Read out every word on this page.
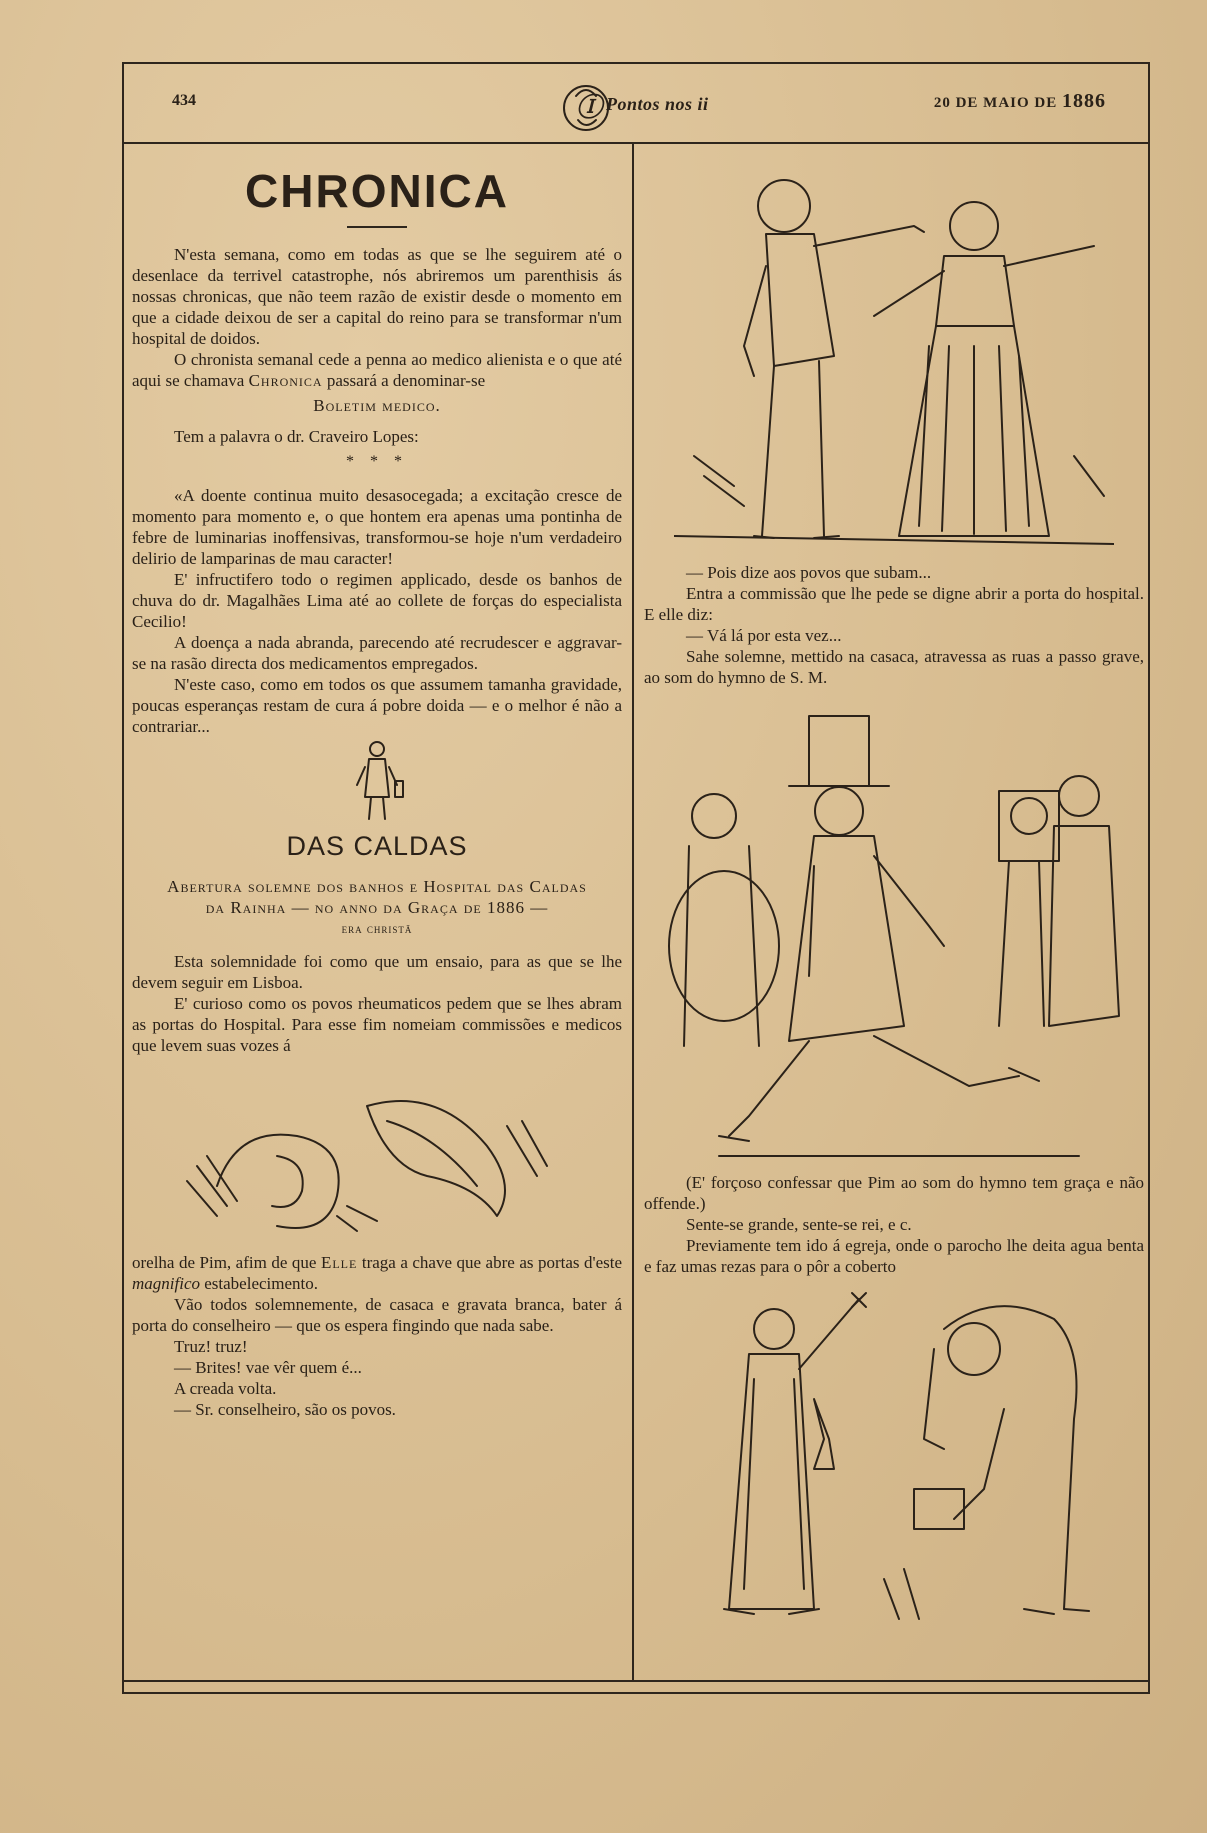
434	Ⓘ Pontos nos ii	20 DE MAIO DE 1886
CHRONICA

N'esta semana, como em todas as que se lhe seguirem até o desenlace da terrivel catastrophe, nós abriremos um parenthisis ás nossas chronicas, que não teem razão de existir desde o momento em que a cidade deixou de ser a capital do reino para se transformar n'um hospital de doidos.

O chronista semanal cede a penna ao medico alienista e o que até aqui se chamava Chronica passará a denominar-se

Boletim medico.

Tem a palavra o dr. Craveiro Lopes:

* * *

«A doente continua muito desasocegada; a excitação cresce de momento para momento e, o que hontem era apenas uma pontinha de febre de luminarias inoffensivas, transformou-se hoje n'um verdadeiro delirio de lamparinas de mau caracter!

E' infructifero todo o regimen applicado, desde os banhos de chuva do dr. Magalhães Lima até ao collete de forças do especialista Cecilio!

A doença a nada abranda, parecendo até recrudescer e aggravar-se na rasão directa dos medicamentos empregados.

N'este caso, como em todos os que assumem tamanha gravidade, poucas esperanças restam de cura á pobre doida — e o melhor é não a contrariar...

DAS CALDAS
Abertura solemne dos banhos e Hospital das Caldas da Rainha — no anno da Graça de 1886 —
era christã

Esta solemnidade foi como que um ensaio, para as que se lhe devem seguir em Lisboa.

E' curioso como os povos rheumaticos pedem que se lhes abram as portas do Hospital. Para esse fim nomeiam commissões e medicos que levem suas vozes á

orelha de Pim, afim de que Elle traga a chave que abre as portas d'este magnifico estabelecimento.

Vão todos solemnemente, de casaca e gravata branca, bater á porta do conselheiro — que os espera fingindo que nada sabe.

Truz! truz!

— Brites! vae vêr quem é...

A creada volta.

— Sr. conselheiro, são os povos.

— Pois dize aos povos que subam...

Entra a commissão que lhe pede se digne abrir a porta do hospital. E elle diz:

— Vá lá por esta vez...

Sahe solemne, mettido na casaca, atravessa as ruas a passo grave, ao som do hymno de S. M.

(E' forçoso confessar que Pim ao som do hymno tem graça e não offende.)

Sente-se grande, sente-se rei, e c.

Previamente tem ido á egreja, onde o parocho lhe deita agua benta e faz umas rezas para o pôr a coberto
